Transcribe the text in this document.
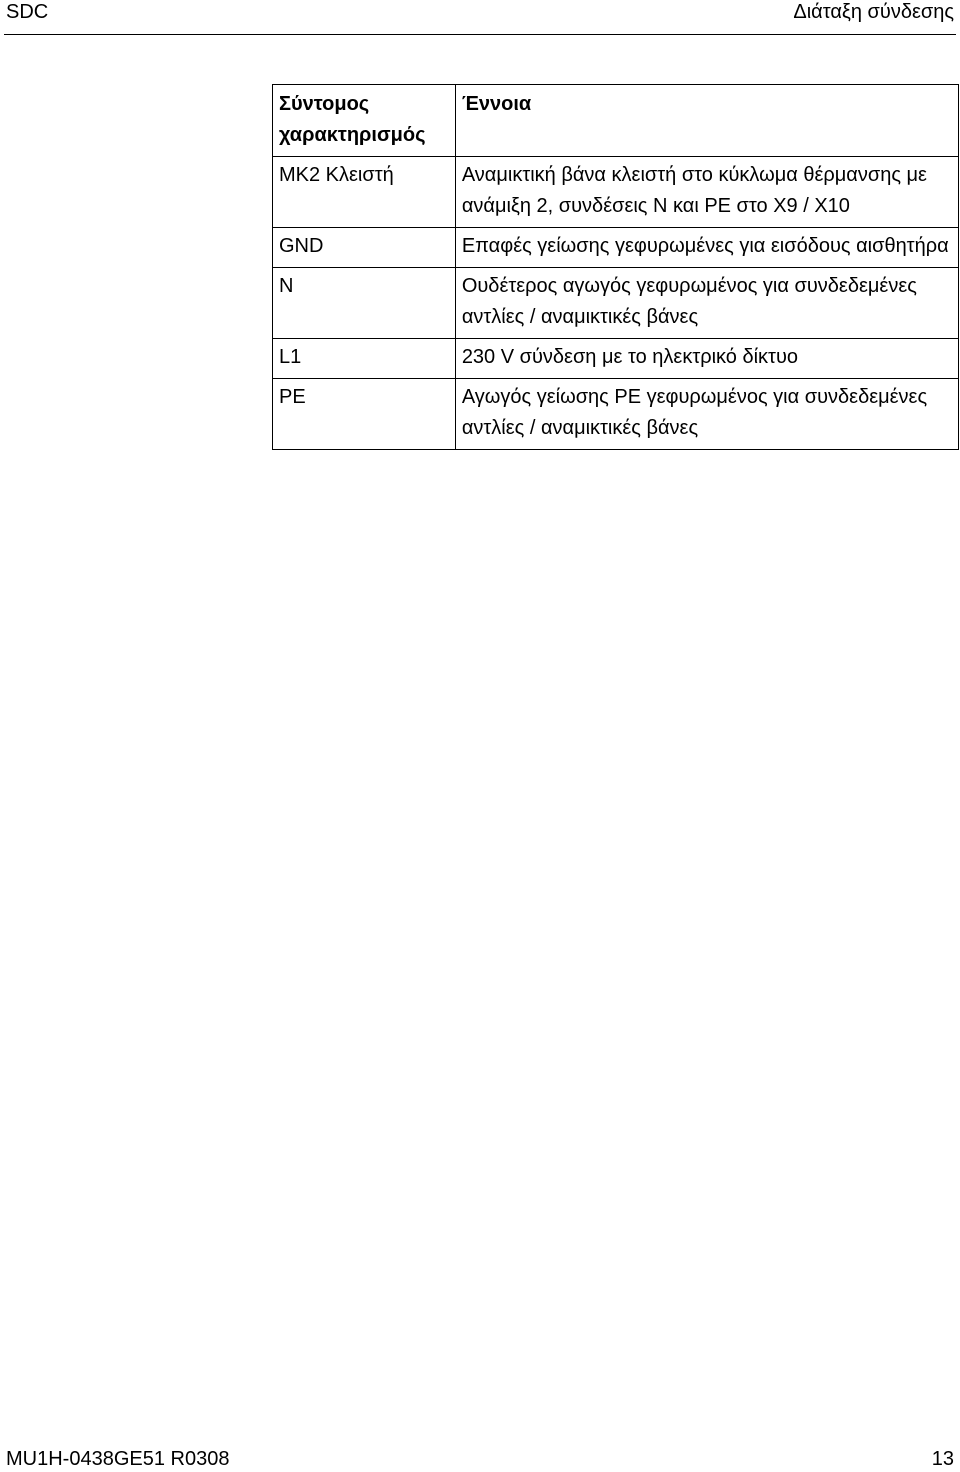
SDC	Διάταξη σύνδεσης
Σύντομος χαρακτηρισμός	Έννοια
MK2 Κλειστή	Αναμικτική βάνα κλειστή στο κύκλωμα θέρμανσης με ανάμιξη 2, συνδέσεις N και PE στο X9 / X10
GND	Επαφές γείωσης γεφυρωμένες για εισόδους αισθητήρα
N	Ουδέτερος αγωγός γεφυρωμένος για συνδεδεμένες αντλίες / αναμικτικές βάνες
L1	230 V σύνδεση με το ηλεκτρικό δίκτυο
PE	Αγωγός γείωσης PE γεφυρωμένος για συνδεδεμένες αντλίες / αναμικτικές βάνες
MU1H-0438GE51 R0308	13
